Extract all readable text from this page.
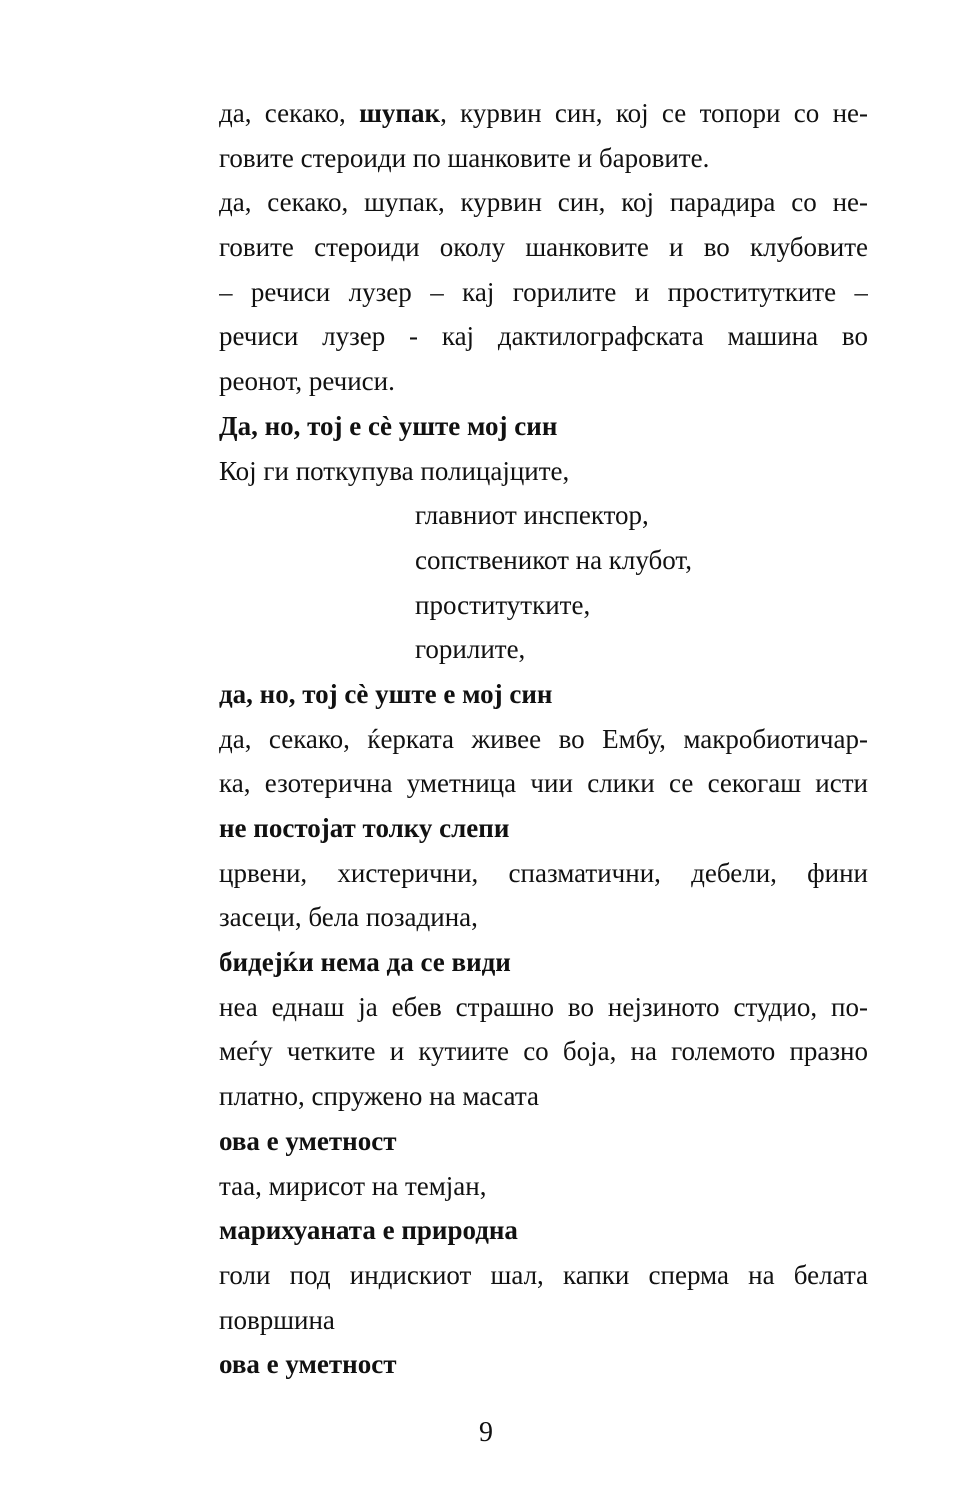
да, секако, шупак, курвин син, кој се топори со не-
говите стероиди по шанковите и баровите.
да, секако, шупак, курвин син, кој парадира со не-
говите стероиди околу шанковите и во клубовите
– речиси лузер – кај горилите и проститутките –
речиси лузер - кај дактилографската машина во
реонот, речиси.
Да, но, тој е сè уште мој син
Кој ги поткупува полицајците,
главниот инспектор,
сопственикот на клубот,
проститутките,
горилите,
да, но, тој сè уште е мој син
да, секако, ќерката живее во Ембу, макробиотичар-
ка, езотерична уметница чии слики се секогаш исти
не постојат толку слепи
црвени, хистерични, спазматични, дебели, фини
засеци, бела позадина,
бидејќи нема да се види
неа еднаш ја ебев страшно во нејзиното студио, по-
меѓу четките и кутиите со боја, на големото празно
платно, спружено на масата
ова е уметност
таа, мирисот на темјан,
марихуаната е природна
голи под индискиот шал, капки сперма на белата
површина
ова е уметност
9
